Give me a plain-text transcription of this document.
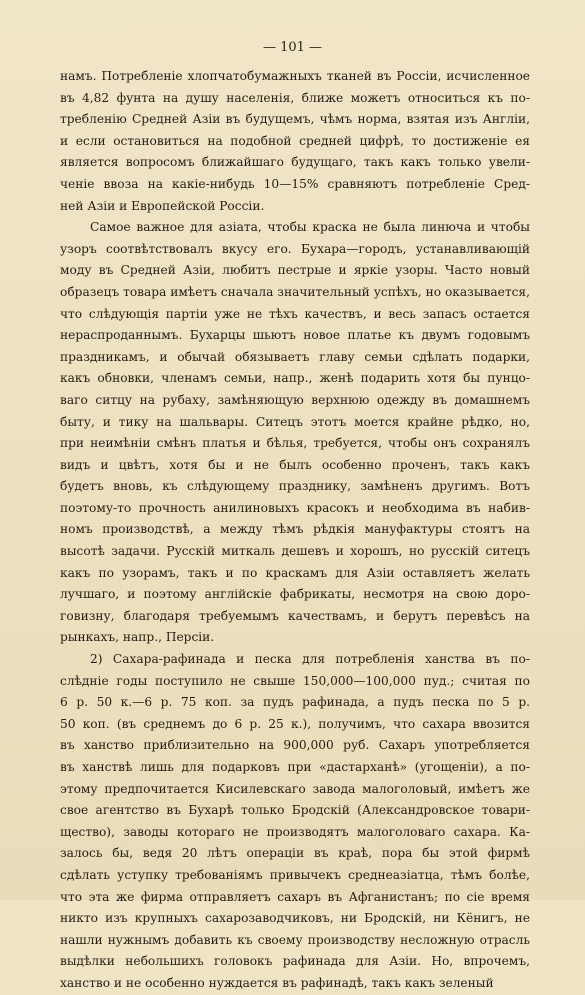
— 101 —
намъ. Потребленіе хлопчатобумажныхъ тканей въ Россіи, исчисленное
въ 4,82 фунта на душу населенія, ближе можетъ относиться къ по-
требленію Средней Азіи въ будущемъ, чѣмъ норма, взятая изъ Англіи,
и если остановиться на подобной средней цифрѣ, то достиженіе ея
является вопросомъ ближайшаго будущаго, такъ какъ только увели-
ченіе ввоза на какіе-нибудь 10—15% сравняютъ потребленіе Сред-
ней Азіи и Европейской Россіи.
Самое важное для азіата, чтобы краска не была линюча и чтобы
узоръ соотвѣтствовалъ вкусу его. Бухара—городъ, устанавливающій
моду въ Средней Азіи, любитъ пестрые и яркіе узоры. Часто новый
образецъ товара имѣетъ сначала значительный успѣхъ, но оказывается,
что слѣдующія партіи уже не тѣхъ качествъ, и весь запасъ остается
нераспроданнымъ. Бухарцы шьютъ новое платье къ двумъ годовымъ
праздникамъ, и обычай обязываетъ главу семьи сдѣлать подарки,
какъ обновки, членамъ семьи, напр., женѣ подарить хотя бы пунцо-
ваго ситцу на рубаху, замѣняющую верхнюю одежду въ домашнемъ
быту, и тику на шальвары. Ситецъ этотъ моется крайне рѣдко, но,
при неимѣніи смѣнъ платья и бѣлья, требуется, чтобы онъ сохранялъ
видъ и цвѣтъ, хотя бы и не былъ особенно проченъ, такъ какъ
будетъ вновь, къ слѣдующему празднику, замѣненъ другимъ. Вотъ
поэтому-то прочность анилиновыхъ красокъ и необходима въ набив-
номъ производствѣ, а между тѣмъ рѣдкія мануфактуры стоятъ на
высотѣ задачи. Русскій миткаль дешевъ и хорошъ, но русскій ситецъ
какъ по узорамъ, такъ и по краскамъ для Азіи оставляетъ желать
лучшаго, и поэтому англійскіе фабрикаты, несмотря на свою доро-
говизну, благодаря требуемымъ качествамъ, и берутъ перевѣсъ на
рынкахъ, напр., Персіи.
2) Сахара-рафинада и песка для потребленія ханства въ по-
слѣдніе годы поступило не свыше 150,000—100,000 пуд.; считая по
6 р. 50 к.—6 р. 75 коп. за пудъ рафинада, а пудъ песка по 5 р.
50 коп. (въ среднемъ до 6 р. 25 к.), получимъ, что сахара ввозится
въ ханство приблизительно на 900,000 руб. Сахаръ употребляется
въ ханствѣ лишь для подарковъ при «дастарханѣ» (угощеніи), а по-
этому предпочитается Кисилевскаго завода малоголовый, имѣетъ же
свое агентство въ Бухарѣ только Бродскій (Александровское товари-
щество), заводы котораго не производятъ малоголоваго сахара. Ка-
залось бы, ведя 20 лѣтъ операціи въ краѣ, пора бы этой фирмѣ
сдѣлать уступку требованіямъ привычекъ среднеазіатца, тѣмъ болѣе,
что эта же фирма отправляетъ сахаръ въ Афганистанъ; по сіе время
никто изъ крупныхъ сахарозаводчиковъ, ни Бродскій, ни Кёнигъ, не
нашли нужнымъ добавить къ своему производству несложную отрасль
выдѣлки небольшихъ головокъ рафинада для Азіи. Но, впрочемъ,
ханство и не особенно нуждается въ рафинадѣ, такъ какъ зеленый
